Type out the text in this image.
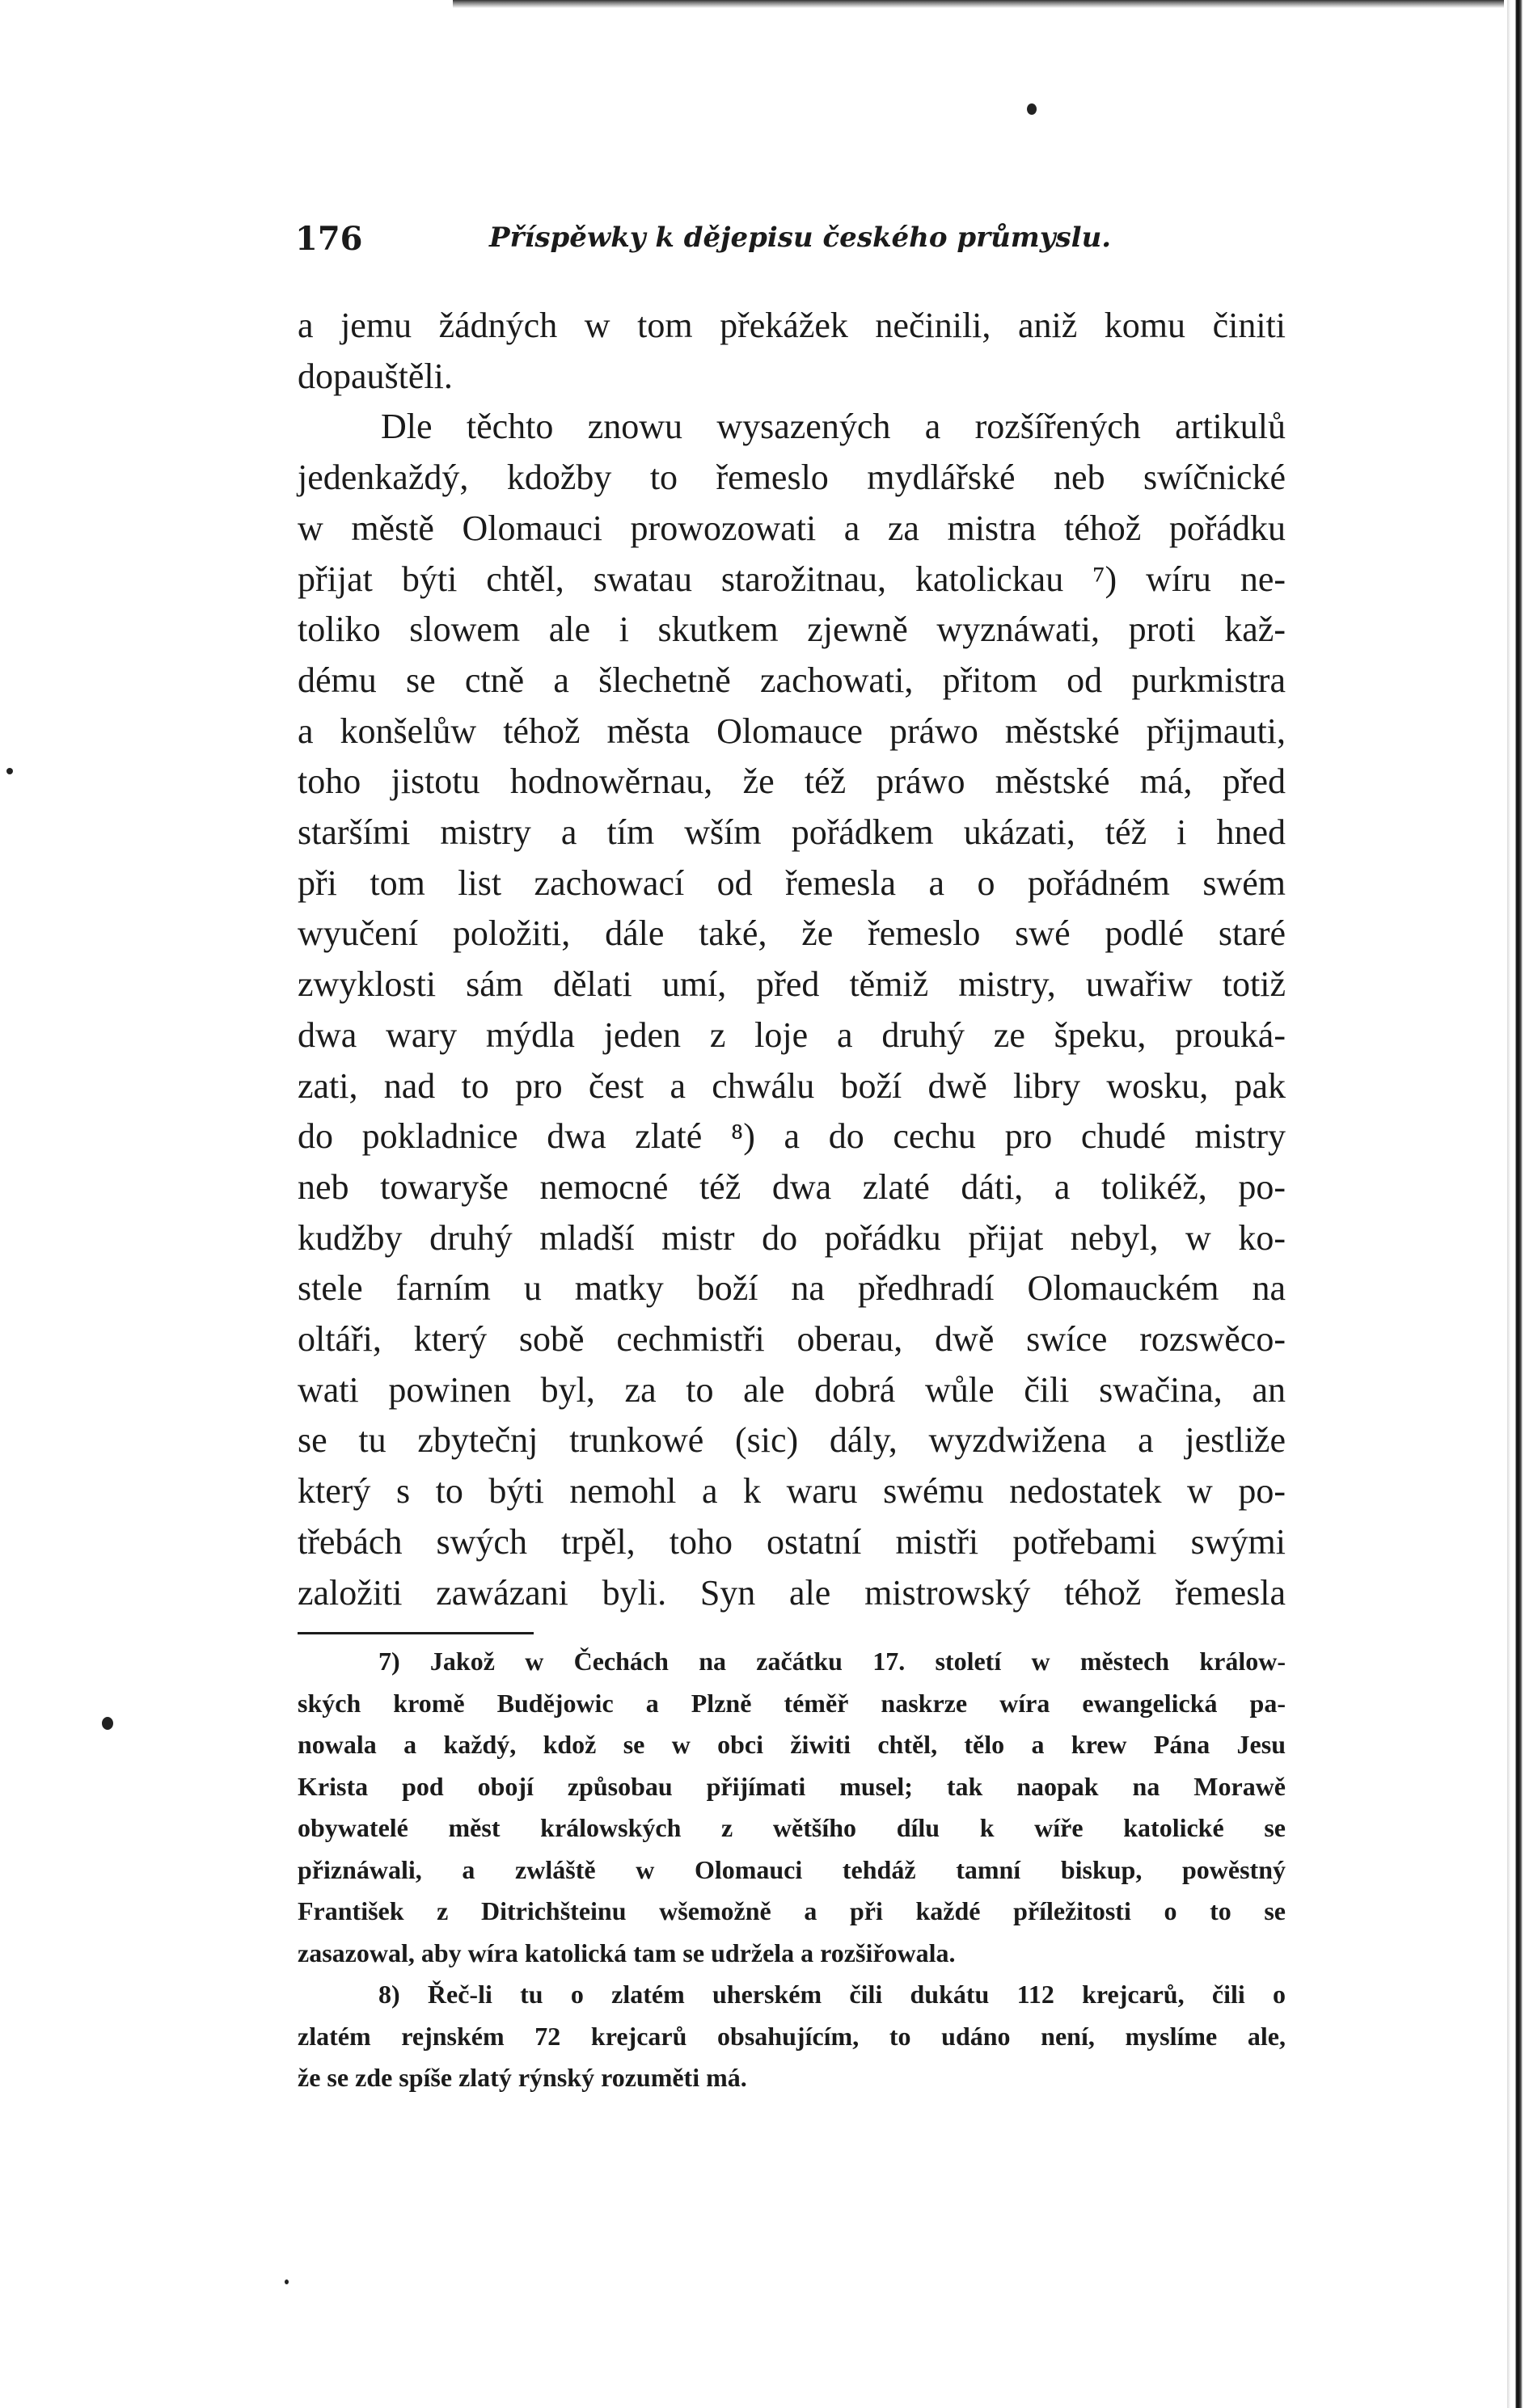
176	Příspěwky k dějepisu českého průmyslu.
a jemu žádných w tom překážek nečinili, aniž komu činiti
dopauštěli.
Dle těchto znowu wysazených a rozšířených artikulů
jedenkaždý, kdožby to řemeslo mydlářské neb swíčnické
w městě Olomauci prowozowati a za mistra téhož pořádku
přijat býti chtěl, swatau starožitnau, katolickau ⁷) wíru ne-
toliko slowem ale i skutkem zjewně wyznáwati, proti kaž-
dému se ctně a šlechetně zachowati, přitom od purkmistra
a konšelůw téhož města Olomauce práwo městské přijmauti,
toho jistotu hodnowěrnau, že též práwo městské má, před
staršími mistry a tím wším pořádkem ukázati, též i hned
při tom list zachowací od řemesla a o pořádném swém
wyučení položiti, dále také, že řemeslo swé podlé staré
zwyklosti sám dělati umí, před těmiž mistry, uwařiw totiž
dwa wary mýdla jeden z loje a druhý ze špeku, prouká-
zati, nad to pro čest a chwálu boží dwě libry wosku, pak
do pokladnice dwa zlaté ⁸) a do cechu pro chudé mistry
neb towaryše nemocné též dwa zlaté dáti, a tolikéž, po-
kudžby druhý mladší mistr do pořádku přijat nebyl, w ko-
stele farním u matky boží na předhradí Olomauckém na
oltáři, který sobě cechmistři oberau, dwě swíce rozswěco-
wati powinen byl, za to ale dobrá wůle čili swačina, an
se tu zbytečnj trunkowé (sic) dály, wyzdwižena a jestliže
který s to býti nemohl a k waru swému nedostatek w po-
třebách swých trpěl, toho ostatní mistři potřebami swými
založiti zawázani byli. Syn ale mistrowský téhož řemesla
7) Jakož w Čechách na začátku 17. století w městech králow-
ských kromě Budějowic a Plzně téměř naskrze wíra ewangelická pa-
nowala a každý, kdož se w obci žiwiti chtěl, tělo a krew Pána Jesu
Krista pod obojí způsobau přijímati musel; tak naopak na Morawě
obywatelé měst králowských z wětšího dílu k wíře katolické se
přiznáwali, a zwláště w Olomauci tehdáž tamní biskup, powěstný
František z Ditrichšteinu wšemožně a při každé příležitosti o to se
zasazowal, aby wíra katolická tam se udržela a rozšiřowala.
8) Řeč-li tu o zlatém uherském čili dukátu 112 krejcarů, čili o
zlatém rejnském 72 krejcarů obsahujícím, to udáno není, myslíme ale,
že se zde spíše zlatý rýnský rozuměti má.
